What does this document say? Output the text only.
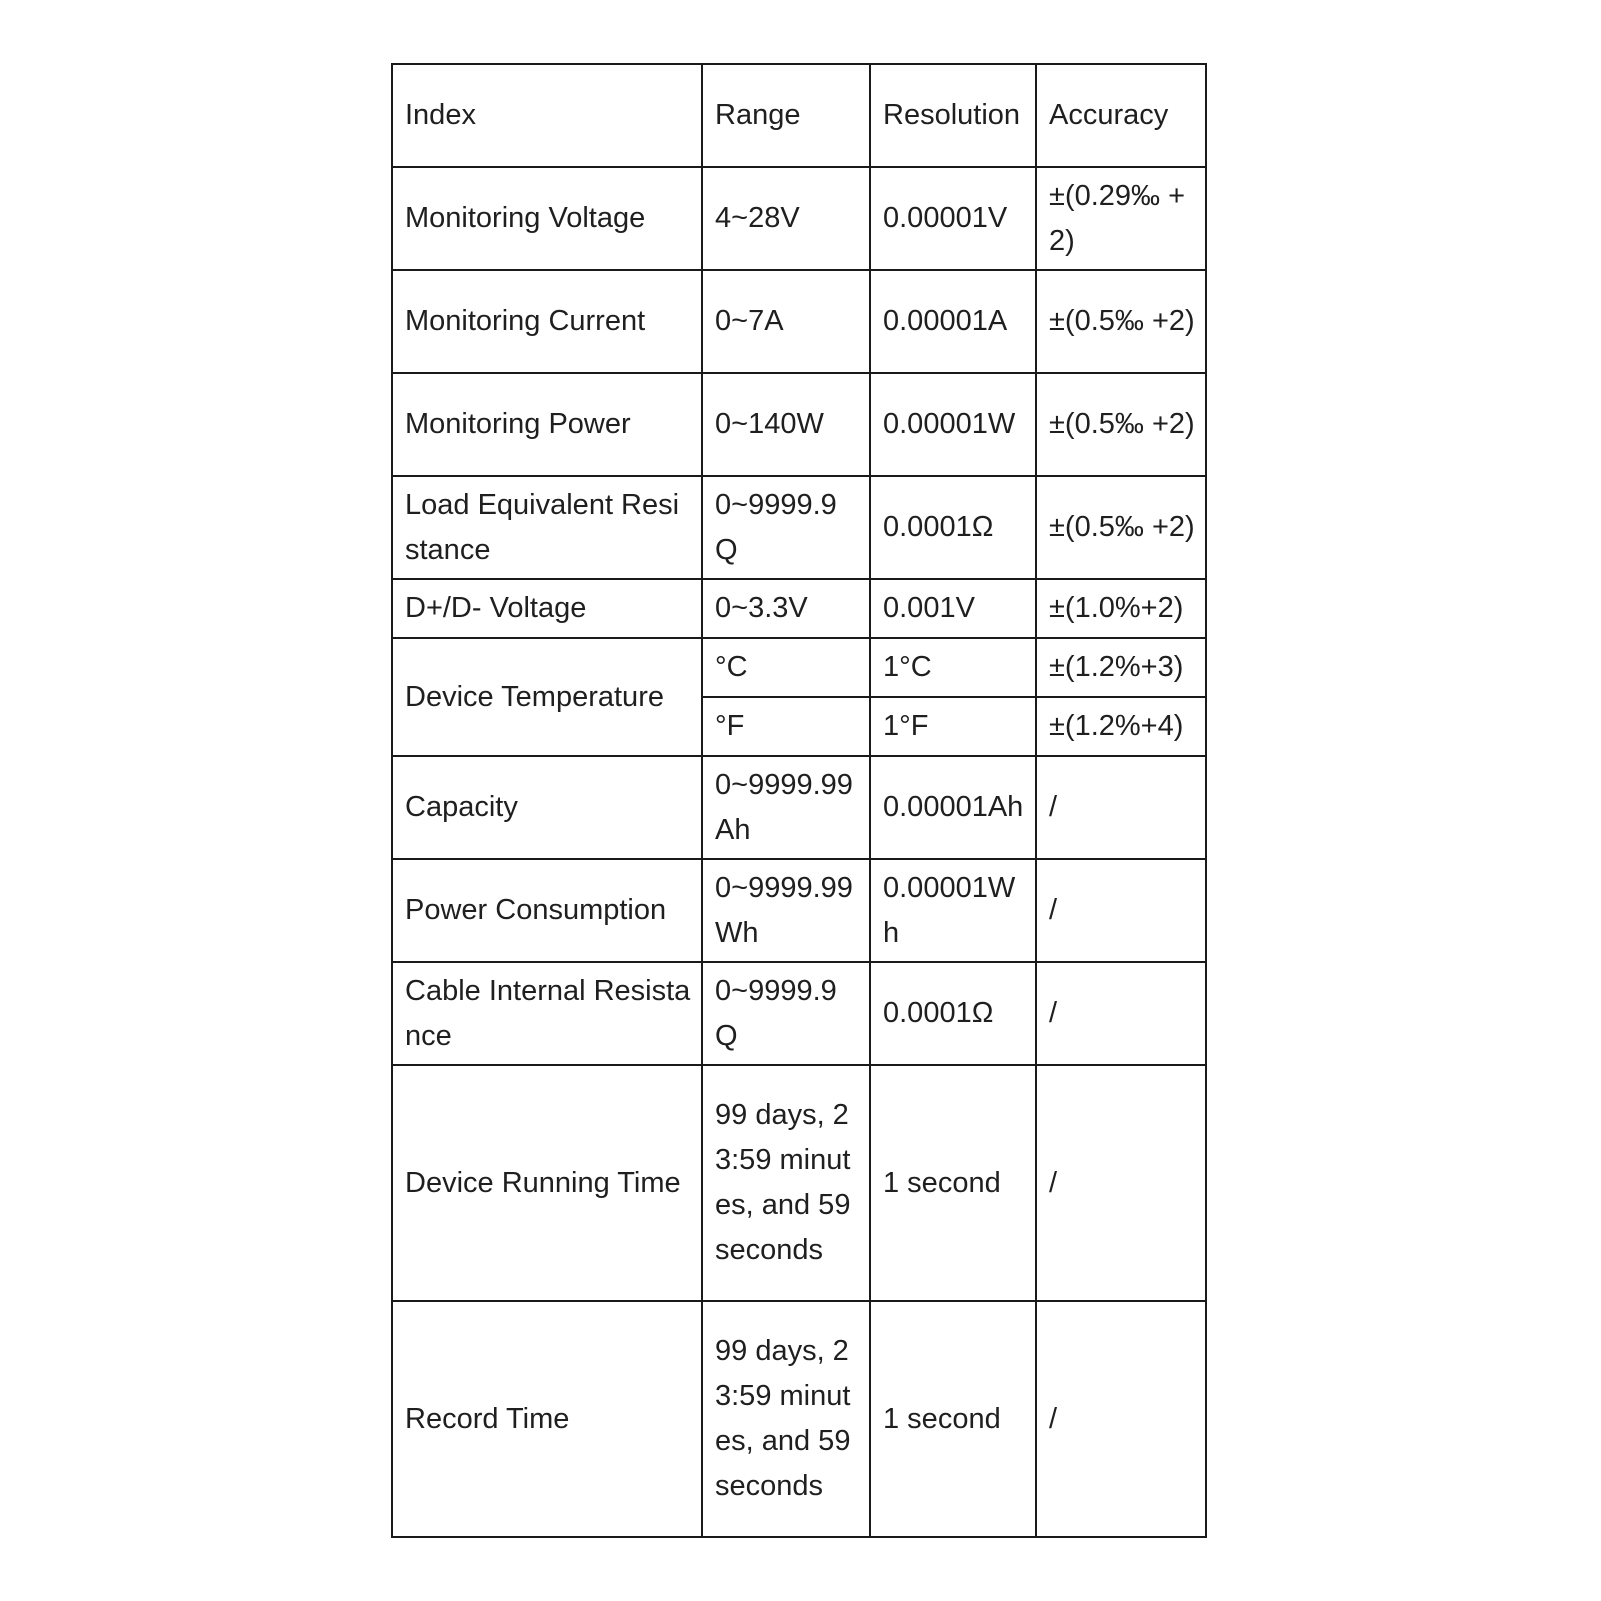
Index	Range	Resolution	Accuracy
Monitoring Voltage	4~28V	0.00001V	±(0.29‰ +2)
Monitoring Current	0~7A	0.00001A	±(0.5‰ +2)
Monitoring Power	0~140W	0.00001W	±(0.5‰ +2)
Load Equivalent Resistance	0~9999.9Q	0.0001Ω	±(0.5‰ +2)
D+/D- Voltage	0~3.3V	0.001V	±(1.0%+2)
Device Temperature	°C	1°C	±(1.2%+3)
	°F	1°F	±(1.2%+4)
Capacity	0~9999.99Ah	0.00001Ah	/
Power Consumption	0~9999.99Wh	0.00001Wh	/
Cable Internal Resistance	0~9999.9Q	0.0001Ω	/
Device Running Time	99 days, 23:59 minutes, and 59 seconds	1 second	/
Record Time	99 days, 23:59 minutes, and 59 seconds	1 second	/
